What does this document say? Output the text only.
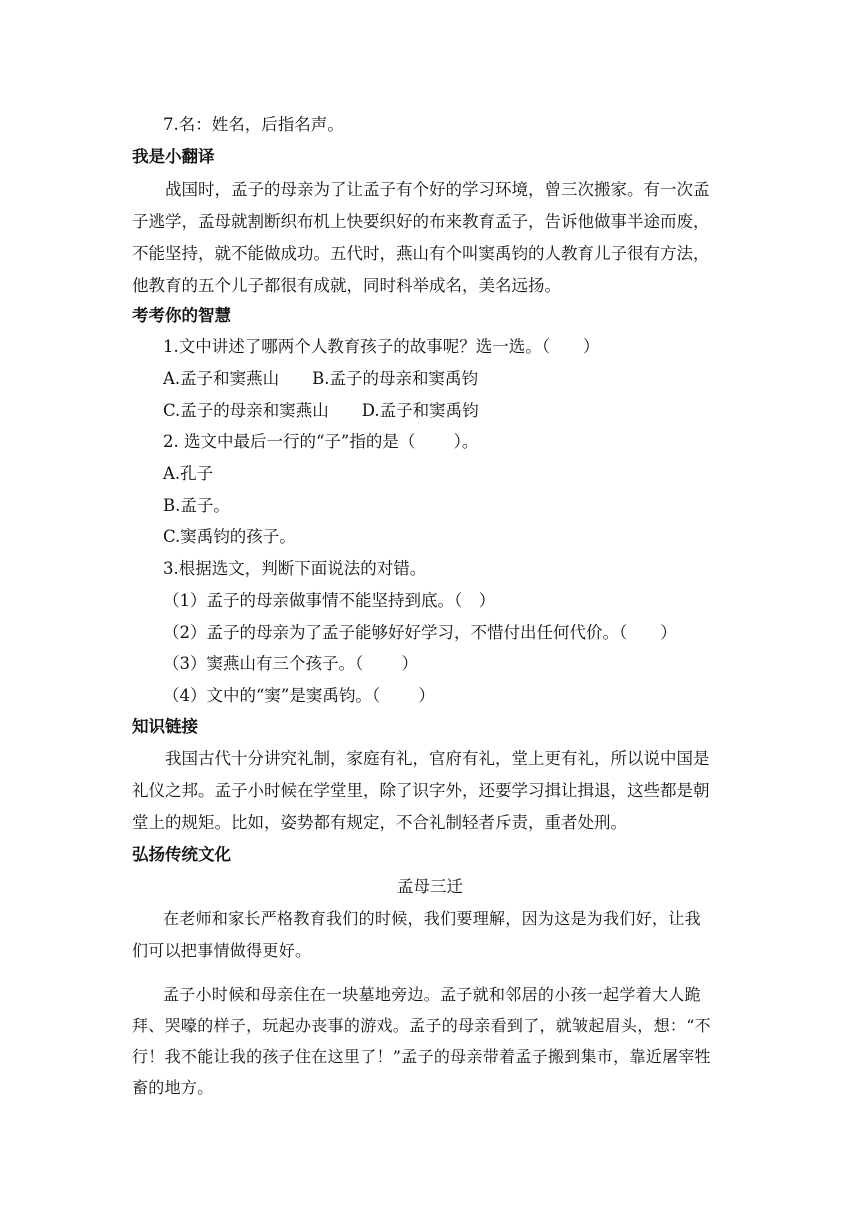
7.名：姓名，后指名声。

我是小翻译

战国时，孟子的母亲为了让孟子有个好的学习环境，曾三次搬家。有一次孟

子逃学，孟母就割断织布机上快要织好的布来教育孟子，告诉他做事半途而废，

不能坚持，就不能做成功。五代时，燕山有个叫窦禹钧的人教育儿子很有方法，

他教育的五个儿子都很有成就，同时科举成名，美名远扬。

考考你的智慧

1.文中讲述了哪两个人教育孩子的故事呢？选一选。（　　）

A.孟子和窦燕山　　B.孟子的母亲和窦禹钧

C.孟子的母亲和窦燕山　　D.孟子和窦禹钧

2. 选文中最后一行的“子”指的是（　　 ）。

A.孔子

B.孟子。

C.窦禹钧的孩子。

3.根据选文，判断下面说法的对错。

（1）孟子的母亲做事情不能坚持到底。（　）

（2）孟子的母亲为了孟子能够好好学习，不惜付出任何代价。（　　）

（3）窦燕山有三个孩子。（　　 ）

（4）文中的“窦”是窦禹钧。（　　 ）

知识链接

我国古代十分讲究礼制，家庭有礼，官府有礼，堂上更有礼，所以说中国是

礼仪之邦。孟子小时候在学堂里，除了识字外，还要学习揖让揖退，这些都是朝

堂上的规矩。比如，姿势都有规定，不合礼制轻者斥责，重者处刑。

弘扬传统文化

孟母三迁

在老师和家长严格教育我们的时候，我们要理解，因为这是为我们好，让我

们可以把事情做得更好。

孟子小时候和母亲住在一块墓地旁边。孟子就和邻居的小孩一起学着大人跪

拜、哭嚎的样子，玩起办丧事的游戏。孟子的母亲看到了，就皱起眉头，想：“不

行！我不能让我的孩子住在这里了！”孟子的母亲带着孟子搬到集市，靠近屠宰牲

畜的地方。
